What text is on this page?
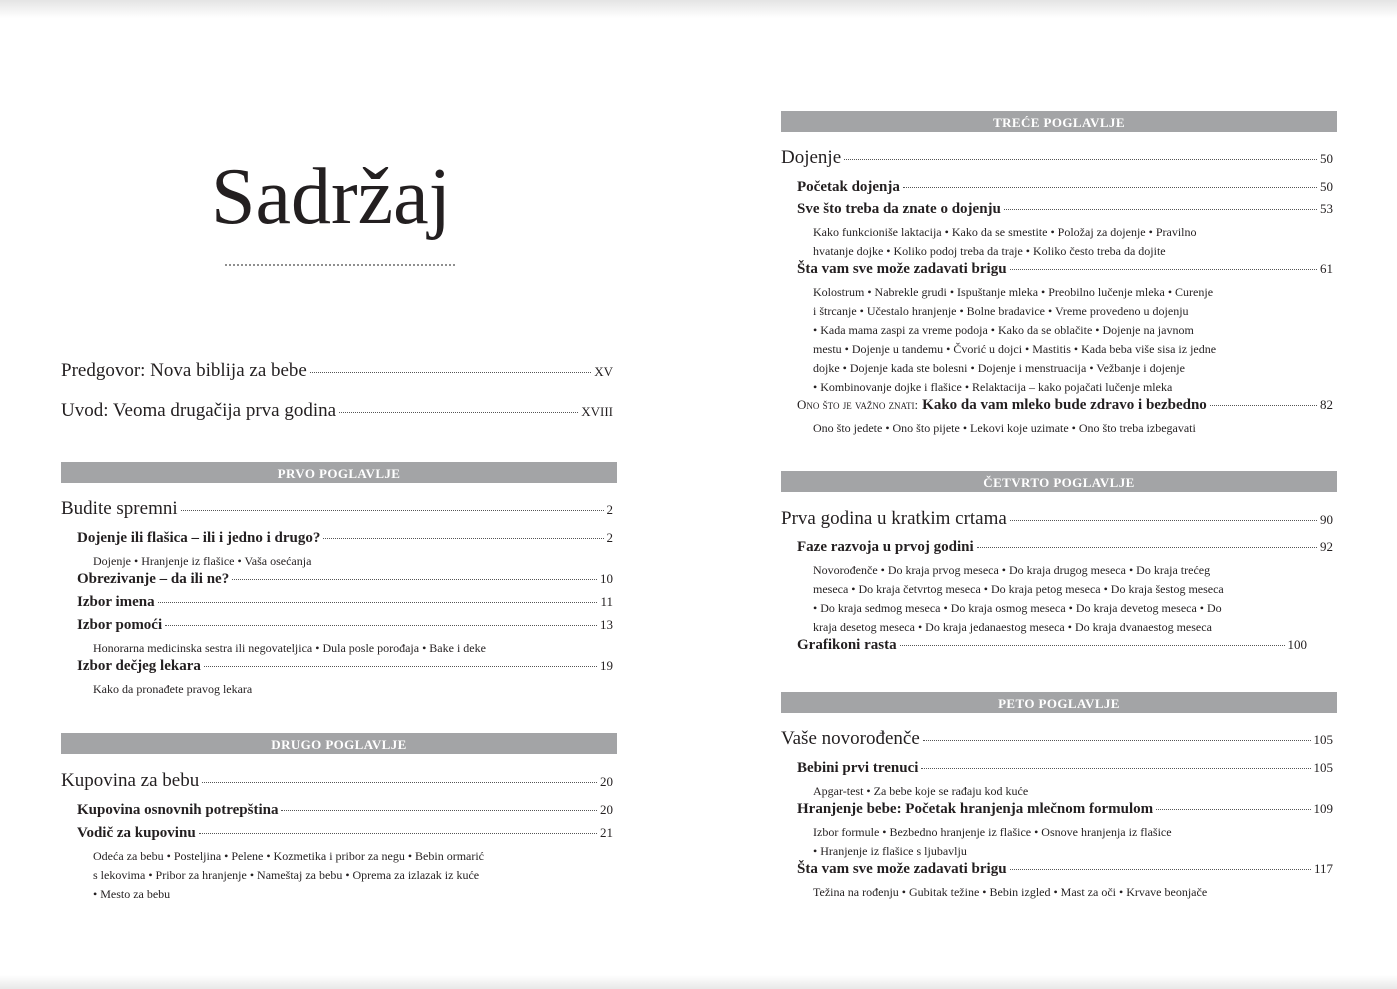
Sadržaj
Predgovor: Nova biblija za bebe	XV
Uvod: Veoma drugačija prva godina	XVIII
PRVO POGLAVLJE
Budite spremni	2
Dojenje ili flašica – ili i jedno i drugo?	2
Dojenje • Hranjenje iz flašice • Vaša osećanja
Obrezivanje – da ili ne?	10
Izbor imena	11
Izbor pomoći	13
Honorarna medicinska sestra ili negovateljica • Dula posle porođaja • Bake i deke
Izbor dečjeg lekara	19
Kako da pronađete pravog lekara
DRUGO POGLAVLJE
Kupovina za bebu	20
Kupovina osnovnih potrepština	20
Vodič za kupovinu	21
Odeća za bebu • Posteljina • Pelene • Kozmetika i pribor za negu • Bebin ormarić
s lekovima • Pribor za hranjenje • Nameštaj za bebu • Oprema za izlazak iz kuće
• Mesto za bebu
TREĆE POGLAVLJE
Dojenje	50
Početak dojenja	50
Sve što treba da znate o dojenju	53
Kako funkcioniše laktacija • Kako da se smestite • Položaj za dojenje • Pravilno
hvatanje dojke • Koliko podoj treba da traje • Koliko često treba da dojite
Šta vam sve može zadavati brigu	61
Kolostrum • Nabrekle grudi • Ispuštanje mleka • Preobilno lučenje mleka • Curenje
i štrcanje • Učestalo hranjenje • Bolne bradavice • Vreme provedeno u dojenju
• Kada mama zaspi za vreme podoja • Kako da se oblačite • Dojenje na javnom
mestu • Dojenje u tandemu • Čvorić u dojci • Mastitis • Kada beba više sisa iz jedne
dojke • Dojenje kada ste bolesni • Dojenje i menstruacija • Vežbanje i dojenje
• Kombinovanje dojke i flašice • Relaktacija – kako pojačati lučenje mleka
Ono što je važno znati: Kako da vam mleko bude zdravo i bezbedno	82
Ono što jedete • Ono što pijete • Lekovi koje uzimate • Ono što treba izbegavati
ČETVRTO POGLAVLJE
Prva godina u kratkim crtama	90
Faze razvoja u prvoj godini	92
Novorođenče • Do kraja prvog meseca • Do kraja drugog meseca • Do kraja trećeg
meseca • Do kraja četvrtog meseca • Do kraja petog meseca • Do kraja šestog meseca
• Do kraja sedmog meseca • Do kraja osmog meseca • Do kraja devetog meseca • Do
kraja desetog meseca • Do kraja jedanaestog meseca • Do kraja dvanaestog meseca
Grafikoni rasta	100
PETO POGLAVLJE
Vaše novorođenče	105
Bebini prvi trenuci	105
Apgar-test • Za bebe koje se rađaju kod kuće
Hranjenje bebe: Početak hranjenja mlečnom formulom	109
Izbor formule • Bezbedno hranjenje iz flašice • Osnove hranjenja iz flašice
• Hranjenje iz flašice s ljubavlju
Šta vam sve može zadavati brigu	117
Težina na rođenju • Gubitak težine • Bebin izgled • Mast za oči • Krvave beonjače
